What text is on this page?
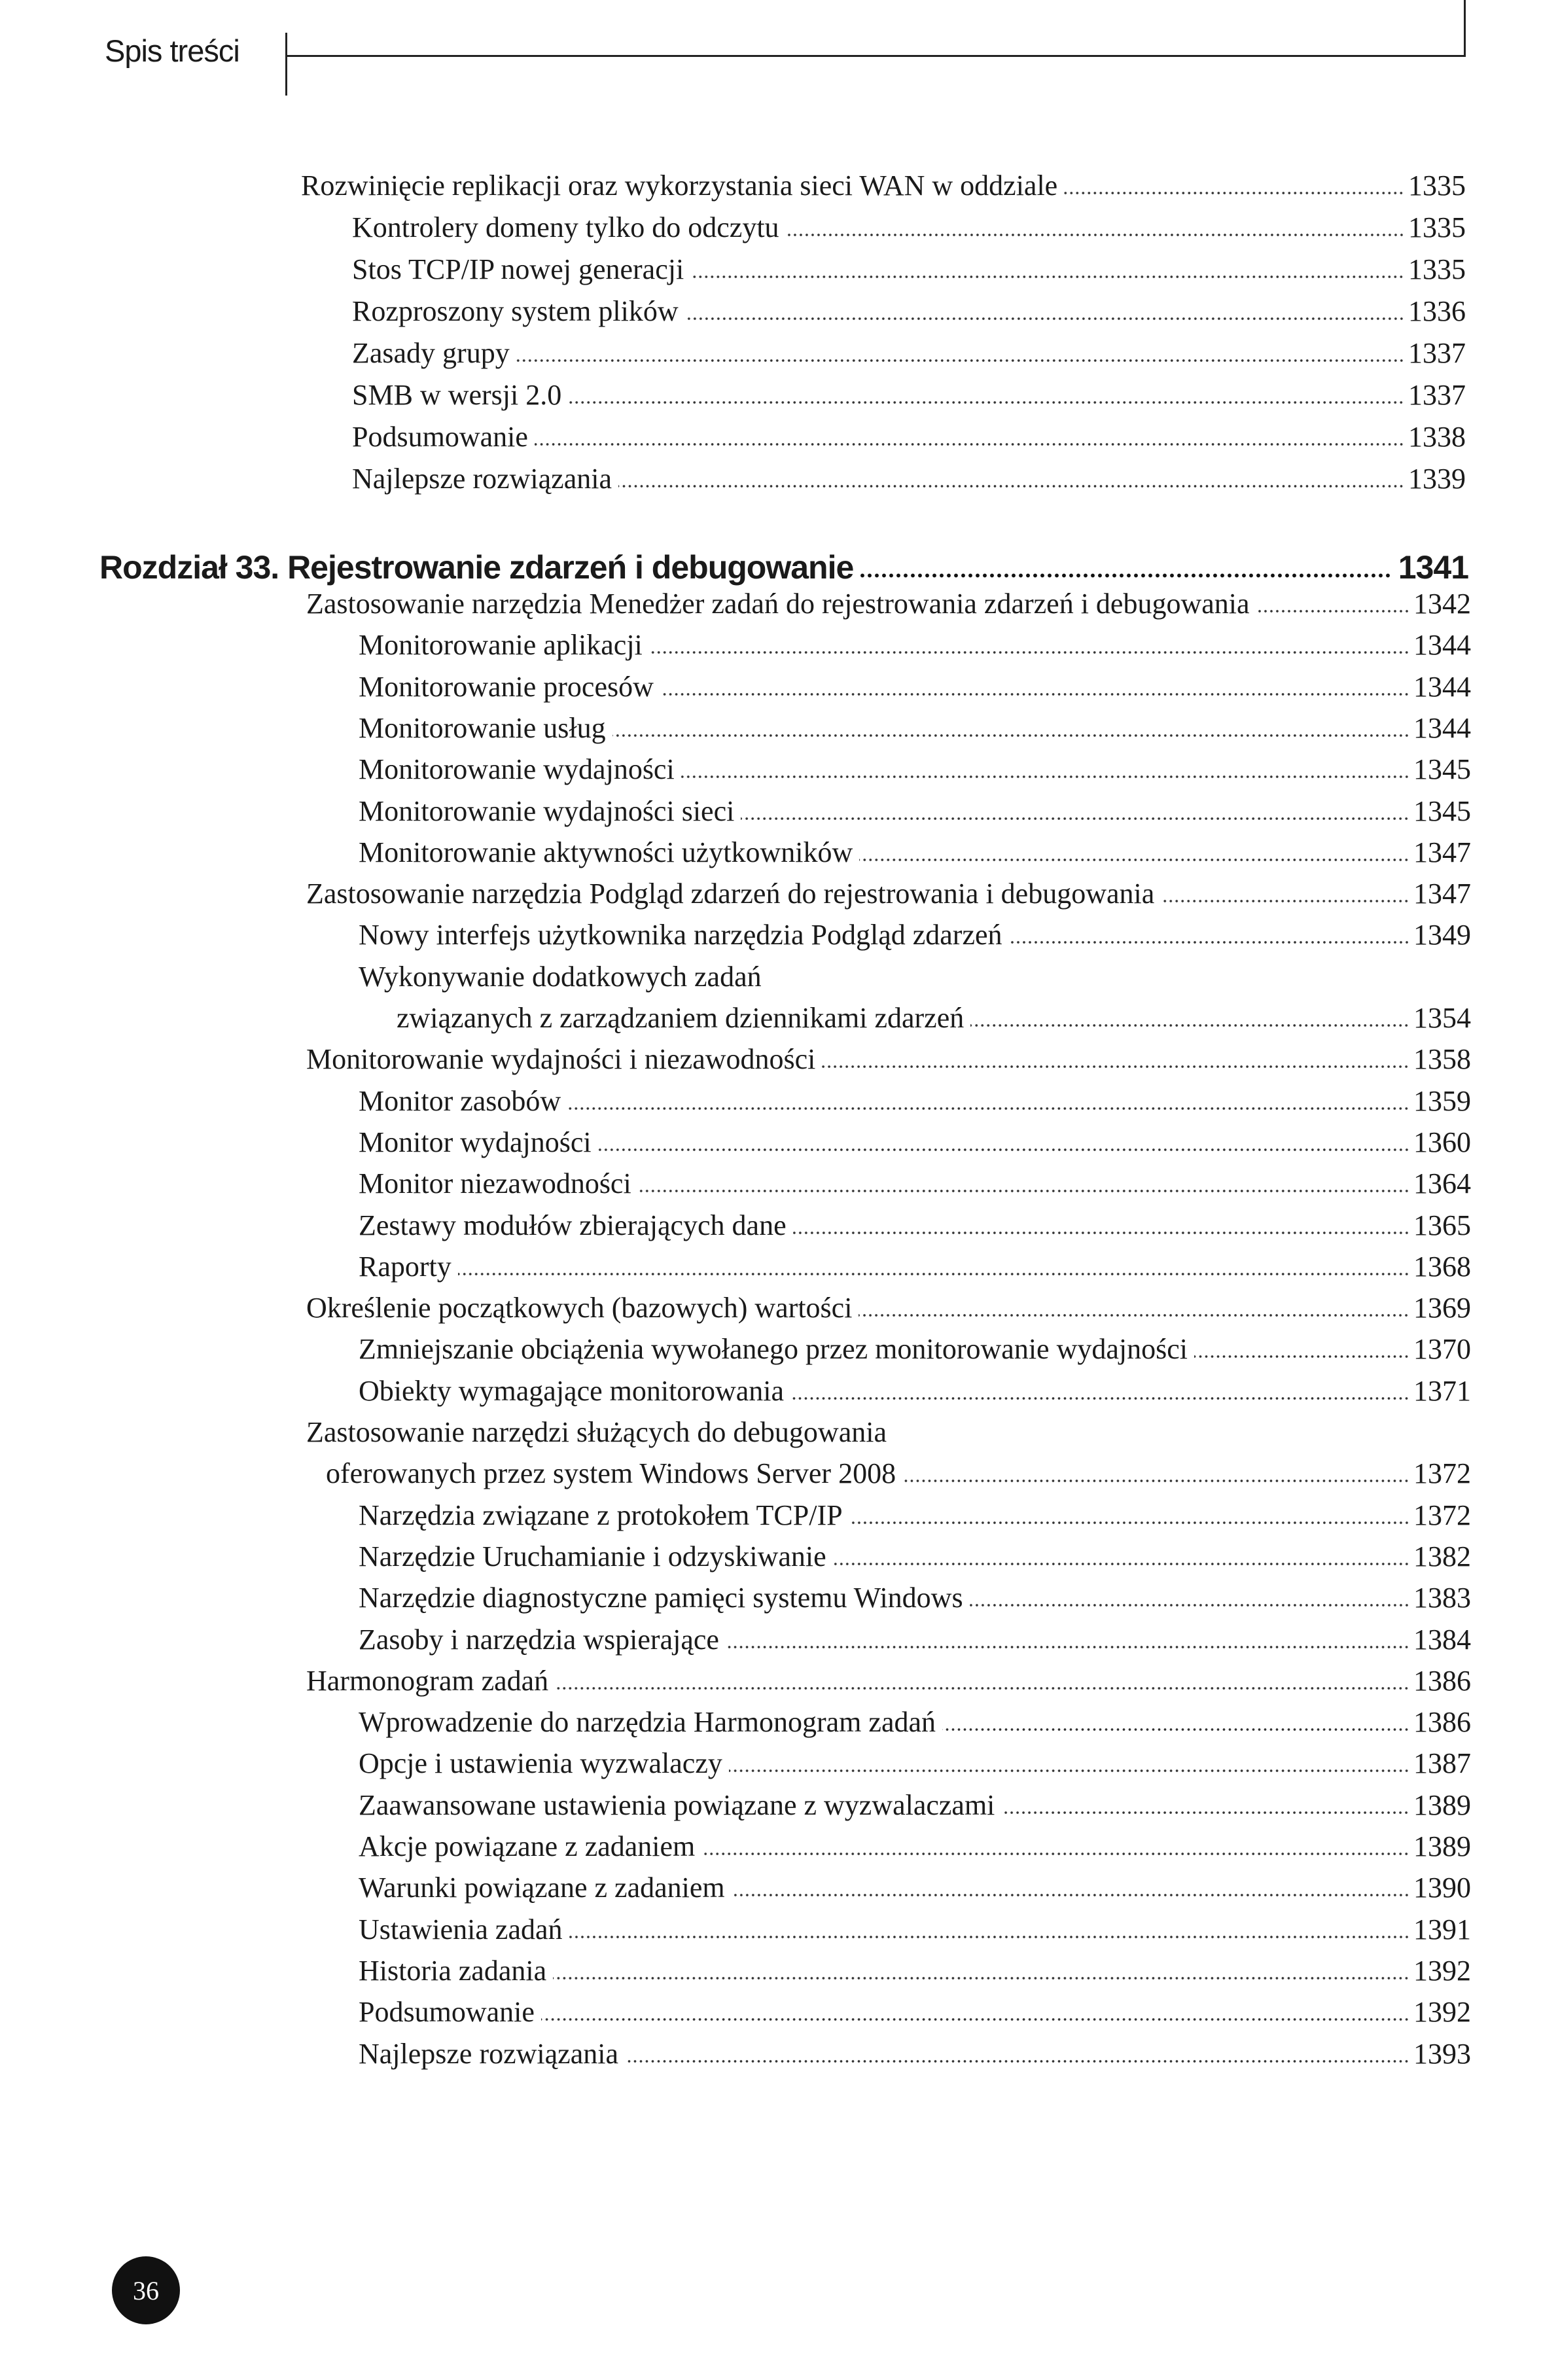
Spis treści
Rozwinięcie replikacji oraz wykorzystania sieci WAN w oddziale	1335
Kontrolery domeny tylko do odczytu	1335
Stos TCP/IP nowej generacji	1335
Rozproszony system plików	1336
Zasady grupy	1337
SMB w wersji 2.0	1337
Podsumowanie	1338
Najlepsze rozwiązania	1339
Rozdział 33. Rejestrowanie zdarzeń i debugowanie	1341
Zastosowanie narzędzia Menedżer zadań do rejestrowania zdarzeń i debugowania	1342
Monitorowanie aplikacji	1344
Monitorowanie procesów	1344
Monitorowanie usług	1344
Monitorowanie wydajności	1345
Monitorowanie wydajności sieci	1345
Monitorowanie aktywności użytkowników	1347
Zastosowanie narzędzia Podgląd zdarzeń do rejestrowania i debugowania	1347
Nowy interfejs użytkownika narzędzia Podgląd zdarzeń	1349
Wykonywanie dodatkowych zadań
związanych z zarządzaniem dziennikami zdarzeń	1354
Monitorowanie wydajności i niezawodności	1358
Monitor zasobów	1359
Monitor wydajności	1360
Monitor niezawodności	1364
Zestawy modułów zbierających dane	1365
Raporty	1368
Określenie początkowych (bazowych) wartości	1369
Zmniejszanie obciążenia wywołanego przez monitorowanie wydajności	1370
Obiekty wymagające monitorowania	1371
Zastosowanie narzędzi służących do debugowania
oferowanych przez system Windows Server 2008	1372
Narzędzia związane z protokołem TCP/IP	1372
Narzędzie Uruchamianie i odzyskiwanie	1382
Narzędzie diagnostyczne pamięci systemu Windows	1383
Zasoby i narzędzia wspierające	1384
Harmonogram zadań	1386
Wprowadzenie do narzędzia Harmonogram zadań	1386
Opcje i ustawienia wyzwalaczy	1387
Zaawansowane ustawienia powiązane z wyzwalaczami	1389
Akcje powiązane z zadaniem	1389
Warunki powiązane z zadaniem	1390
Ustawienia zadań	1391
Historia zadania	1392
Podsumowanie	1392
Najlepsze rozwiązania	1393
36
